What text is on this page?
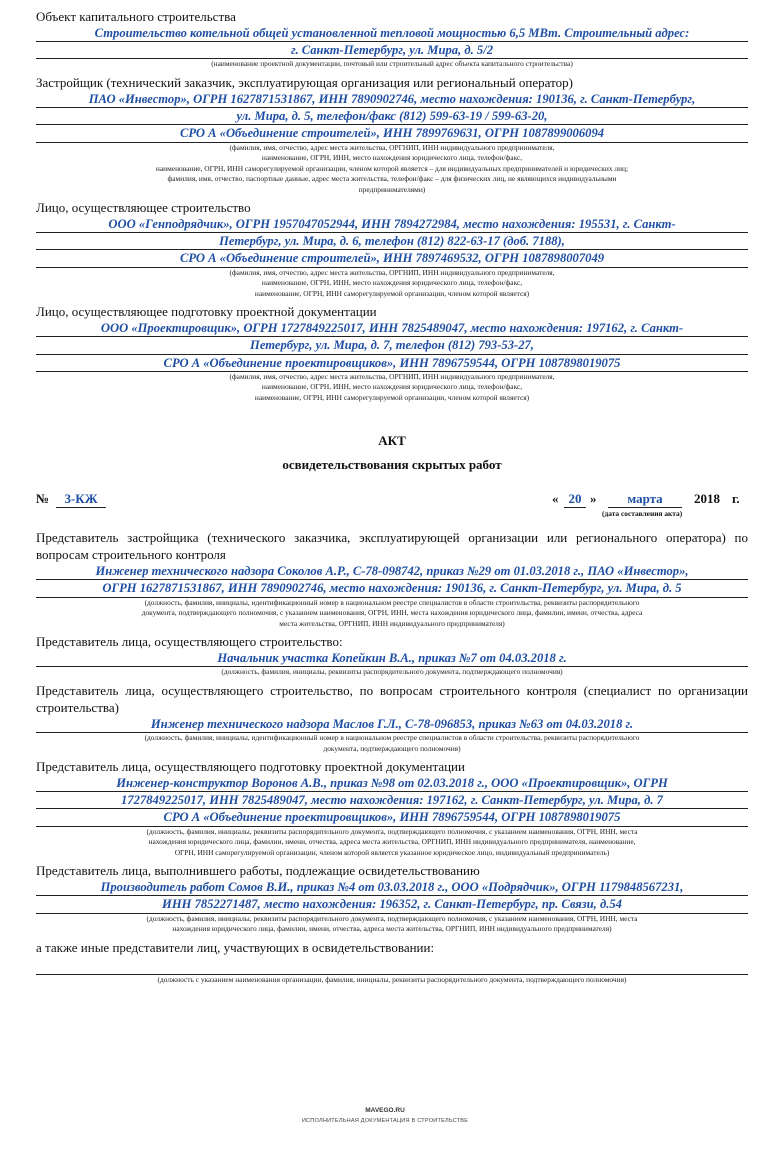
Объект капитального строительства

Строительство котельной общей установленной тепловой мощностью 6,5 МВт. Строительный адрес:

г. Санкт-Петербург, ул. Мира, д. 5/2

(наименование проектной документации, почтовый или строительный адрес объекта капитального строительства)

Застройщик (технический заказчик, эксплуатирующая организация или региональный оператор)

ПАО «Инвестор», ОГРН 1627871531867, ИНН 7890902746, место нахождения: 190136, г. Санкт-Петербург,

ул. Мира, д. 5, телефон/факс (812) 599-63-19 / 599-63-20,

СРО А «Объединение строителей», ИНН 7899769631, ОГРН 1087899006094

(фамилия, имя, отчество, адрес места жительства, ОРГНИП, ИНН индивидуального предпринимателя,
наименование, ОГРН, ИНН, место нахождения юридического лица, телефон/факс,
наименование, ОГРН, ИНН саморегулируемой организации, членом которой является – для индивидуальных предпринимателей и юридических лиц;
фамилия, имя, отчество, паспортные данные, адрес места жительства, телефон/факс – для физических лиц, не являющихся индивидуальными
предпринимателями)

Лицо, осуществляющее строительство

ООО «Генподрядчик», ОГРН 1957047052944, ИНН 7894272984, место нахождения: 195531, г. Санкт-

Петербург, ул. Мира, д. 6, телефон (812) 822-63-17 (доб. 7188),

СРО А «Объединение строителей», ИНН 7897469532, ОГРН 1087898007049

(фамилия, имя, отчество, адрес места жительства, ОРГНИП, ИНН индивидуального предпринимателя,
наименование, ОГРН, ИНН, место нахождения юридического лица, телефон/факс,
наименование, ОГРН, ИНН саморегулируемой организации, членом которой является)

Лицо, осуществляющее подготовку проектной документации

ООО «Проектировщик», ОГРН 1727849225017, ИНН 7825489047, место нахождения: 197162, г. Санкт-

Петербург, ул. Мира, д. 7, телефон (812) 793-53-27,

СРО А «Объединение проектировщиков», ИНН 7896759544, ОГРН 1087898019075

(фамилия, имя, отчество, адрес места жительства, ОРГНИП, ИНН индивидуального предпринимателя,
наименование, ОГРН, ИНН, место нахождения юридического лица, телефон/факс,
наименование, ОГРН, ИНН саморегулируемой организации, членом которой является)

АКТ

освидетельствования скрытых работ

№	3-КЖ	« 20 »	марта	2018 г.
(дата составления акта)

Представитель застройщика (технического заказчика, эксплуатирующей организации или регионального оператора) по вопросам строительного контроля

Инженер технического надзора Соколов А.Р., С-78-098742, приказ №29 от 01.03.2018 г., ПАО «Инвестор»,

ОГРН 1627871531867, ИНН 7890902746, место нахождения: 190136, г. Санкт-Петербург, ул. Мира, д. 5

(должность, фамилия, инициалы, идентификационный номер в национальном реестре специалистов в области строительства, реквизиты распорядительного
документа, подтверждающего полномочия, с указанием наименования, ОГРН, ИНН, места нахождения юридического лица, фамилии, имени, отчества, адреса
места жительства, ОРГНИП, ИНН индивидуального предпринимателя)

Представитель лица, осуществляющего строительство:

Начальник участка Копейкин В.А., приказ №7 от 04.03.2018 г.

(должность, фамилия, инициалы, реквизиты распорядительного документа, подтверждающего полномочия)

Представитель лица, осуществляющего строительство, по вопросам строительного контроля (специалист по организации строительства)

Инженер технического надзора Маслов Г.Л., С-78-096853, приказ №63 от 04.03.2018 г.

(должность, фамилия, инициалы, идентификационный номер в национальном реестре специалистов в области строительства, реквизиты распорядительного
документа, подтверждающего полномочия)

Представитель лица, осуществляющего подготовку проектной документации

Инженер-конструктор Воронов А.В., приказ №98 от 02.03.2018 г., ООО «Проектировщик», ОГРН

1727849225017, ИНН 7825489047, место нахождения: 197162, г. Санкт-Петербург, ул. Мира, д. 7

СРО А «Объединение проектировщиков», ИНН 7896759544, ОГРН 1087898019075

(должность, фамилия, инициалы, реквизиты распорядительного документа, подтверждающего полномочия, с указанием наименования, ОГРН, ИНН, места
нахождения юридического лица, фамилии, имени, отчества, адреса места жительства, ОРГНИП, ИНН индивидуального предпринимателя, наименование,
ОГРН, ИНН саморегулируемой организации, членом которой является указанное юридическое лицо, индивидуальный предприниматель)

Представитель лица, выполнившего работы, подлежащие освидетельствованию

Производитель работ Сомов В.И., приказ №4 от 03.03.2018 г., ООО «Подрядчик», ОГРН 1179848567231,

ИНН 7852271487, место нахождения: 196352, г. Санкт-Петербург, пр. Связи, д.54

(должность, фамилия, инициалы, реквизиты распорядительного документа, подтверждающего полномочия, с указанием наименования, ОГРН, ИНН, места
нахождения юридического лица, фамилии, имени, отчества, адреса места жительства, ОРГНИП, ИНН индивидуального предпринимателя)

а также иные представители лиц, участвующих в освидетельствовании:

(должность с указанием наименования организации, фамилия, инициалы, реквизиты распорядительного документа, подтверждающего полномочия)

MAVEGO.RU
ИСПОЛНИТЕЛЬНАЯ ДОКУМЕНТАЦИЯ В СТРОИТЕЛЬСТВЕ
